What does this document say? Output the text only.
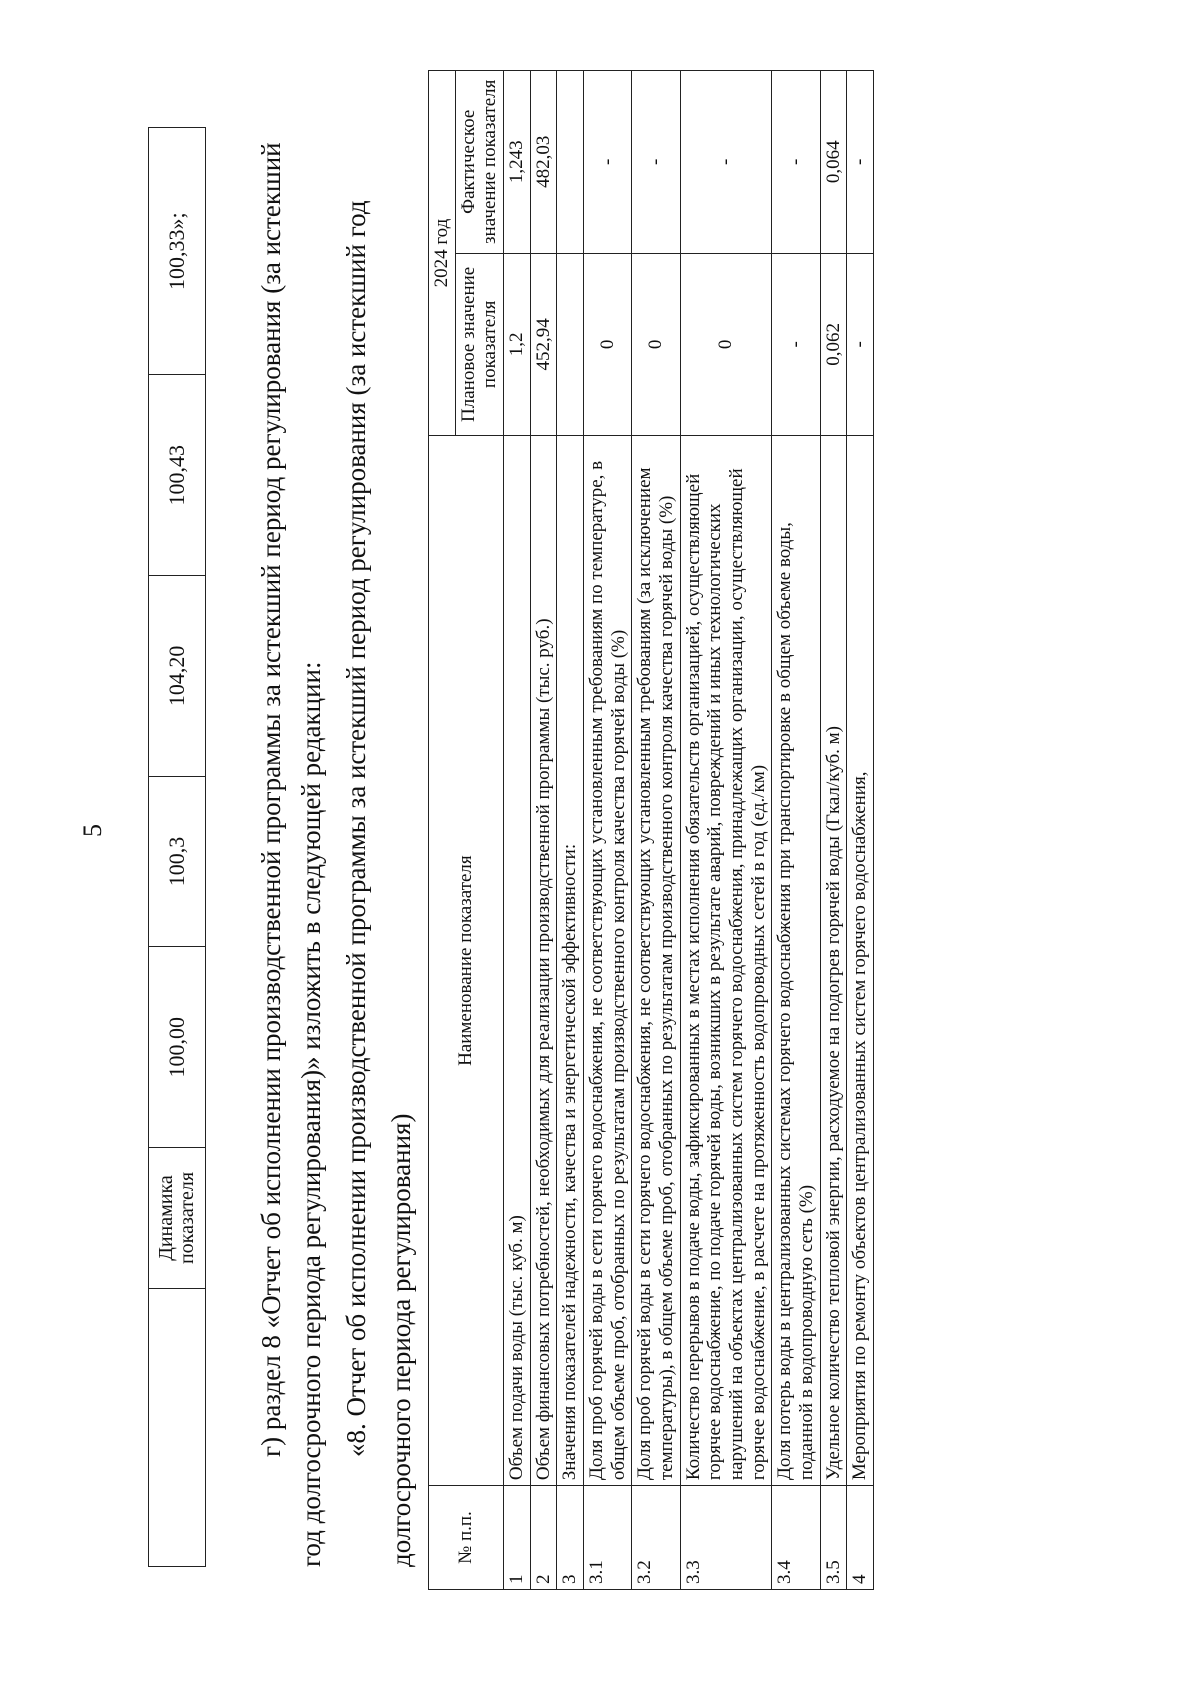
5
	Динамика показателя	100,00	100,3	104,20	100,43	100,33»; г) раздел 8 «Отчет об исполнении производственной программы за истекший период регулирования (за истекший год долгосрочного периода регулирования)» изложить в следующей редакции: «8. Отчет об исполнении производственной программы за истекший период регулирования (за истекший год долгосрочного периода регулирования) № п.п.	Наименование показателя	2024 год	
		Плановое значение показателя	Фактическое значение показателя
1	Объем подачи воды (тыс. куб. м)	1,2	1,243
2	Объем финансовых потребностей, необходимых для реализации производственной программы (тыс. руб.)	452,94	482,03
3	Значения показателей надежности, качества и энергетической эффективности:		
3.1	Доля проб горячей воды в сети горячего водоснабжения, не соответствующих установленным требованиям по температуре, в общем объеме проб, отобранных по результатам производственного контроля качества горячей воды (%)	0	-
3.2	Доля проб горячей воды в сети горячего водоснабжения, не соответствующих установленным требованиям (за исключением температуры), в общем объеме проб, отобранных по результатам производственного контроля качества горячей воды (%)	0	-
3.3	Количество перерывов в подаче воды, зафиксированных в местах исполнения обязательств организацией, осуществляющей горячее водоснабжение, по подаче горячей воды, возникших в результате аварий, повреждений и иных технологических нарушений на объектах централизованных систем горячего водоснабжения, принадлежащих организации, осуществляющей горячее водоснабжение, в расчете на протяженность водопроводных сетей в год (ед./км)	0	-
3.4	Доля потерь воды в централизованных системах горячего водоснабжения при транспортировке в общем объеме воды, поданной в водопроводную сеть (%)	-	-
3.5	Удельное количество тепловой энергии, расходуемое на подогрев горячей воды (Гкал/куб. м)	0,062	0,064
4	Мероприятия по ремонту объектов централизованных систем горячего водоснабжения,	-	-
